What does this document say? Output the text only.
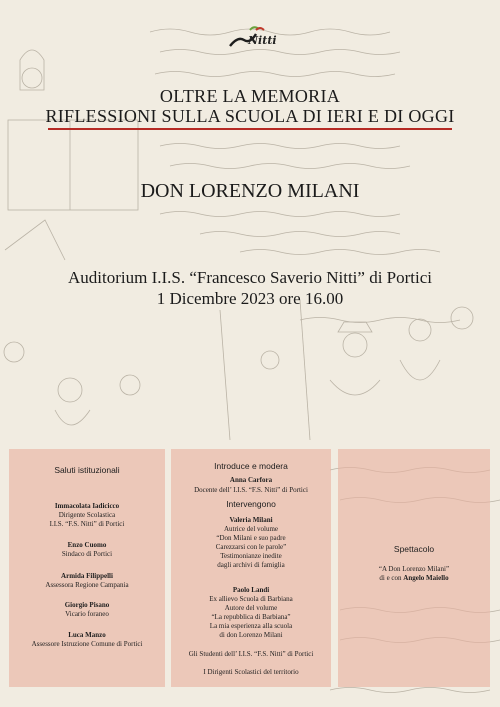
Nitti
OLTRE LA MEMORIA
RIFLESSIONI SULLA SCUOLA DI IERI E DI OGGI
DON LORENZO MILANI
Auditorium I.I.S. “Francesco Saverio Nitti” di Portici
1 Dicembre 2023 ore 16.00
Saluti istituzionali
Immacolata Iadicicco
Dirigente Scolastica
I.I.S. “F.S. Nitti” di Portici
Enzo Cuomo
Sindaco di Portici
Armida Filippelli
Assessora Regione Campania
Giorgio Pisano
Vicario foraneo
Luca Manzo
Assessore Istruzione Comune di Portici
Introduce e modera
Anna Carfora
Docente dell’ I.I.S. “F.S. Nitti” di Portici
Intervengono
Valeria Milani
Autrice del volume
“Don Milani e suo padre
Carezzarsi con le parole”
Testimonianze inedite
dagli archivi di famiglia
Paolo Landi
Ex allievo Scuola di Barbiana
Autore del volume
“La repubblica di Barbiana”
La mia esperienza alla scuola
di don Lorenzo Milani
Gli Studenti dell’ I.I.S. “F.S. Nitti” di Portici
I Dirigenti Scolastici del territorio
Spettacolo
“A Don Lorenzo Milani”
di e con Angelo Maiello
